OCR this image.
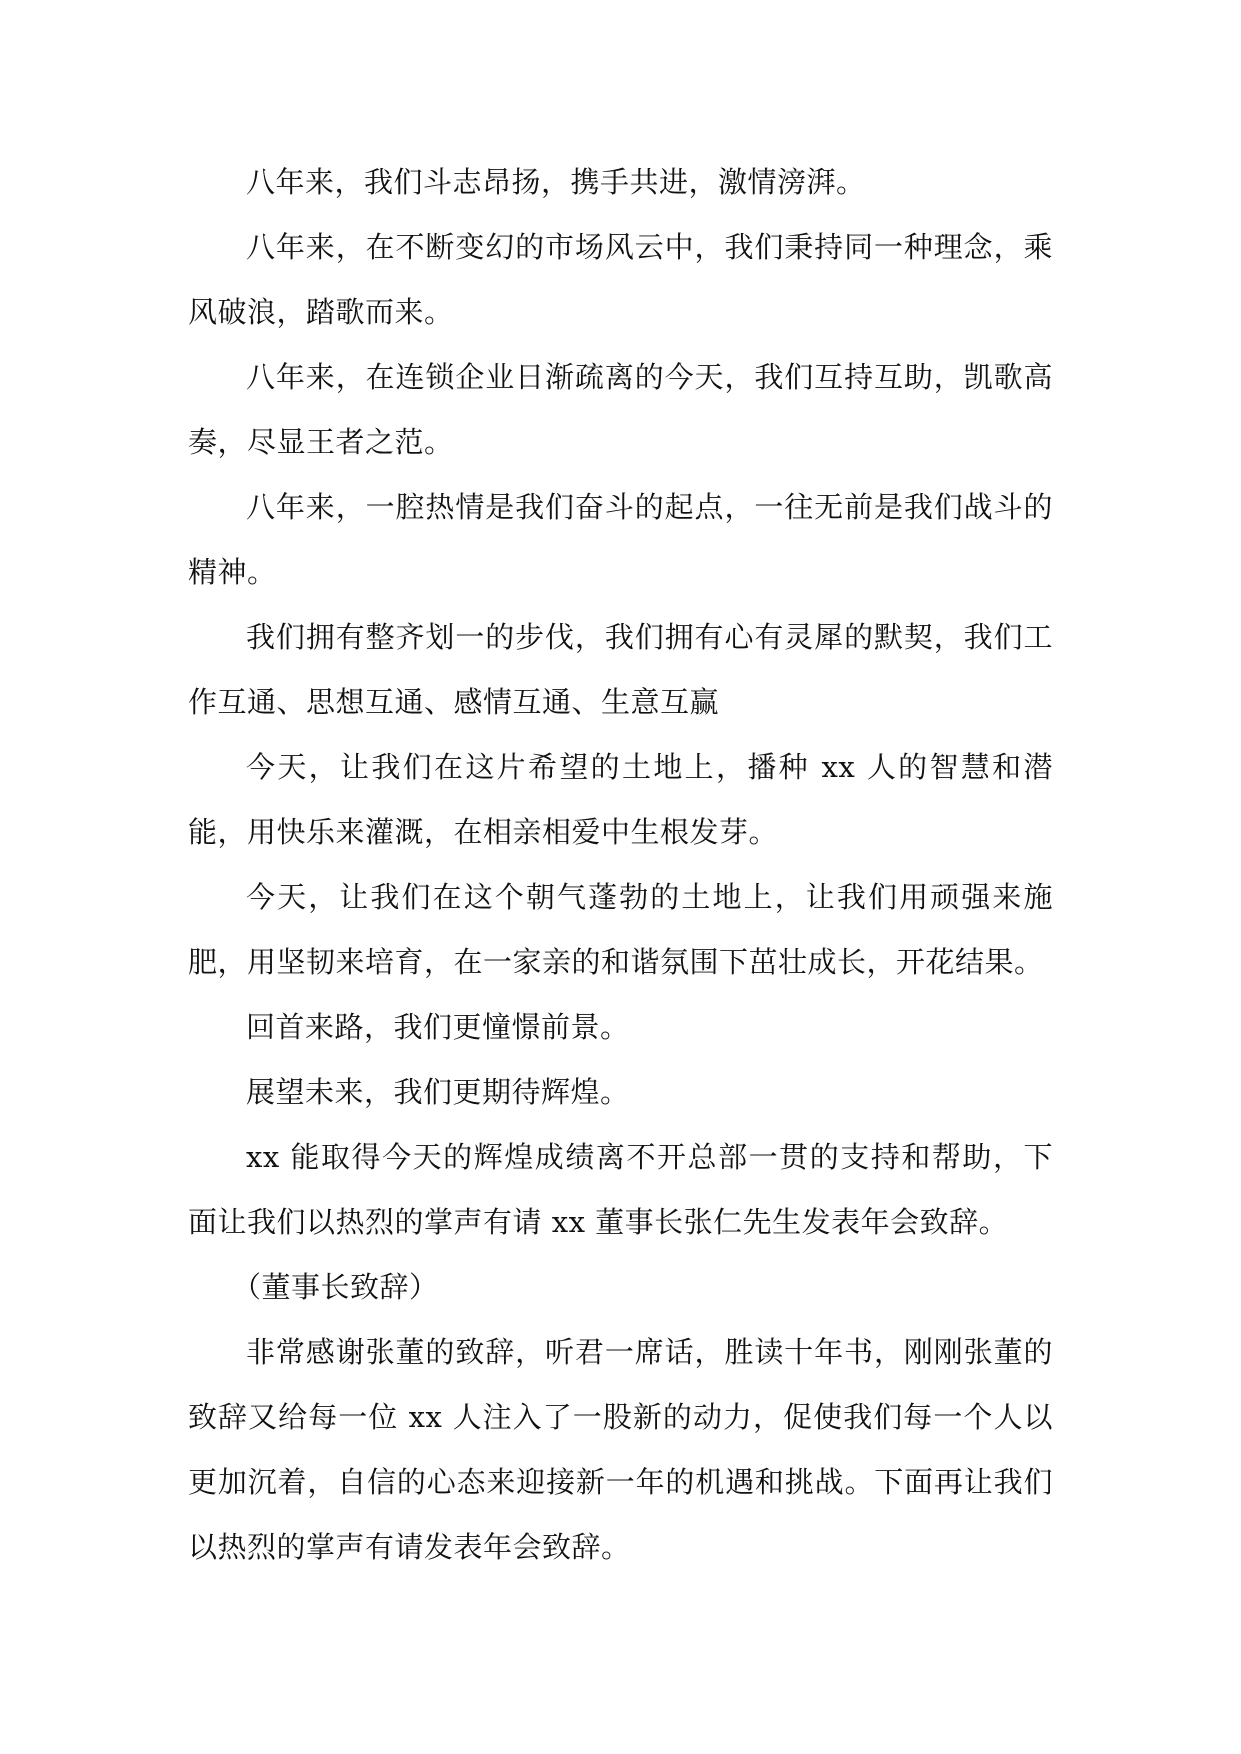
八年来，我们斗志昂扬，携手共进，激情滂湃。

八年来，在不断变幻的市场风云中，我们秉持同一种理念，乘风破浪，踏歌而来。

八年来，在连锁企业日渐疏离的今天，我们互持互助，凯歌高奏，尽显王者之范。

八年来，一腔热情是我们奋斗的起点，一往无前是我们战斗的精神。

我们拥有整齐划一的步伐，我们拥有心有灵犀的默契，我们工作互通、思想互通、感情互通、生意互赢

今天，让我们在这片希望的土地上，播种 xx 人的智慧和潜能，用快乐来灌溉，在相亲相爱中生根发芽。

今天，让我们在这个朝气蓬勃的土地上，让我们用顽强来施肥，用坚韧来培育，在一家亲的和谐氛围下茁壮成长，开花结果。

回首来路，我们更憧憬前景。

展望未来，我们更期待辉煌。

xx 能取得今天的辉煌成绩离不开总部一贯的支持和帮助，下面让我们以热烈的掌声有请 xx 董事长张仁先生发表年会致辞。

（董事长致辞）

非常感谢张董的致辞，听君一席话，胜读十年书，刚刚张董的致辞又给每一位 xx 人注入了一股新的动力，促使我们每一个人以更加沉着，自信的心态来迎接新一年的机遇和挑战。下面再让我们以热烈的掌声有请发表年会致辞。
